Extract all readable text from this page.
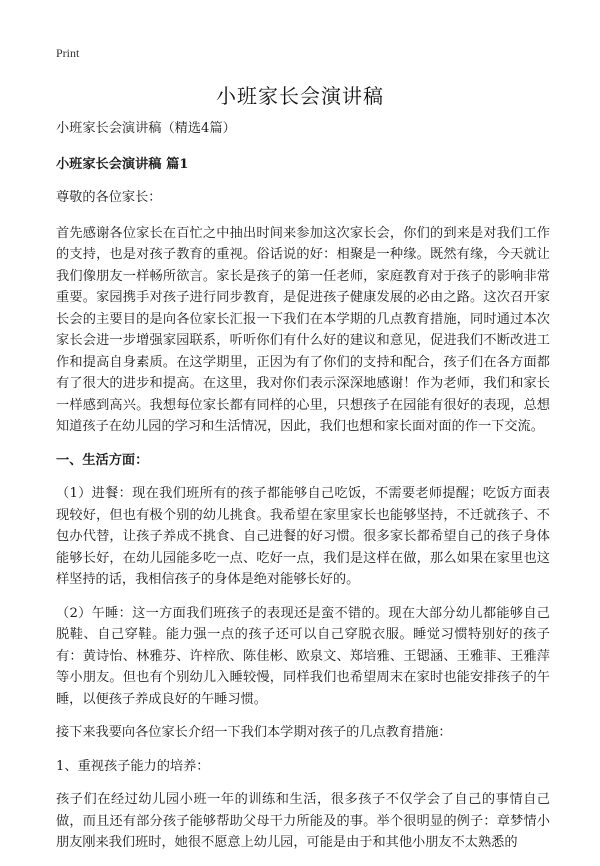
Print
小班家长会演讲稿

小班家长会演讲稿（精选4篇）

小班家长会演讲稿 篇1

尊敬的各位家长：

首先感谢各位家长在百忙之中抽出时间来参加这次家长会，你们的到来是对我们工作的支持，也是对孩子教育的重视。俗话说的好：相聚是一种缘。既然有缘，今天就让我们像朋友一样畅所欲言。家长是孩子的第一任老师，家庭教育对于孩子的影响非常重要。家园携手对孩子进行同步教育，是促进孩子健康发展的必由之路。这次召开家长会的主要目的是向各位家长汇报一下我们在本学期的几点教育措施，同时通过本次家长会进一步增强家园联系，听听你们有什么好的建议和意见，促进我们不断改进工作和提高自身素质。在这学期里，正因为有了你们的支持和配合，孩子们在各方面都有了很大的进步和提高。在这里，我对你们表示深深地感谢！作为老师，我们和家长一样感到高兴。我想每位家长都有同样的心里，只想孩子在园能有很好的表现，总想知道孩子在幼儿园的学习和生活情况，因此，我们也想和家长面对面的作一下交流。

一、生活方面：

（1）进餐：现在我们班所有的孩子都能够自己吃饭，不需要老师提醒；吃饭方面表现较好，但也有极个别的幼儿挑食。我希望在家里家长也能够坚持，不迁就孩子、不包办代替，让孩子养成不挑食、自己进餐的好习惯。很多家长都希望自己的孩子身体能够长好，在幼儿园能多吃一点、吃好一点，我们是这样在做，那么如果在家里也这样坚持的话，我相信孩子的身体是绝对能够长好的。

（2）午睡：这一方面我们班孩子的表现还是蛮不错的。现在大部分幼儿都能够自己脱鞋、自己穿鞋。能力强一点的孩子还可以自己穿脱衣服。睡觉习惯特别好的孩子有：黄诗怡、林雅芬、许梓欣、陈佳彬、欧泉文、郑培雅、王锶涵、王雅菲、王雅萍等小朋友。但也有个别幼儿入睡较慢，同样我们也希望周末在家时也能安排孩子的午睡，以便孩子养成良好的午睡习惯。

接下来我要向各位家长介绍一下我们本学期对孩子的几点教育措施：

1、重视孩子能力的培养：

孩子们在经过幼儿园小班一年的训练和生活，很多孩子不仅学会了自己的事情自己做，而且还有部分孩子能够帮助父母干力所能及的事。举个很明显的例子：章梦情小朋友刚来我们班时，她很不愿意上幼儿园，可能是由于和其他小朋友不太熟悉的
